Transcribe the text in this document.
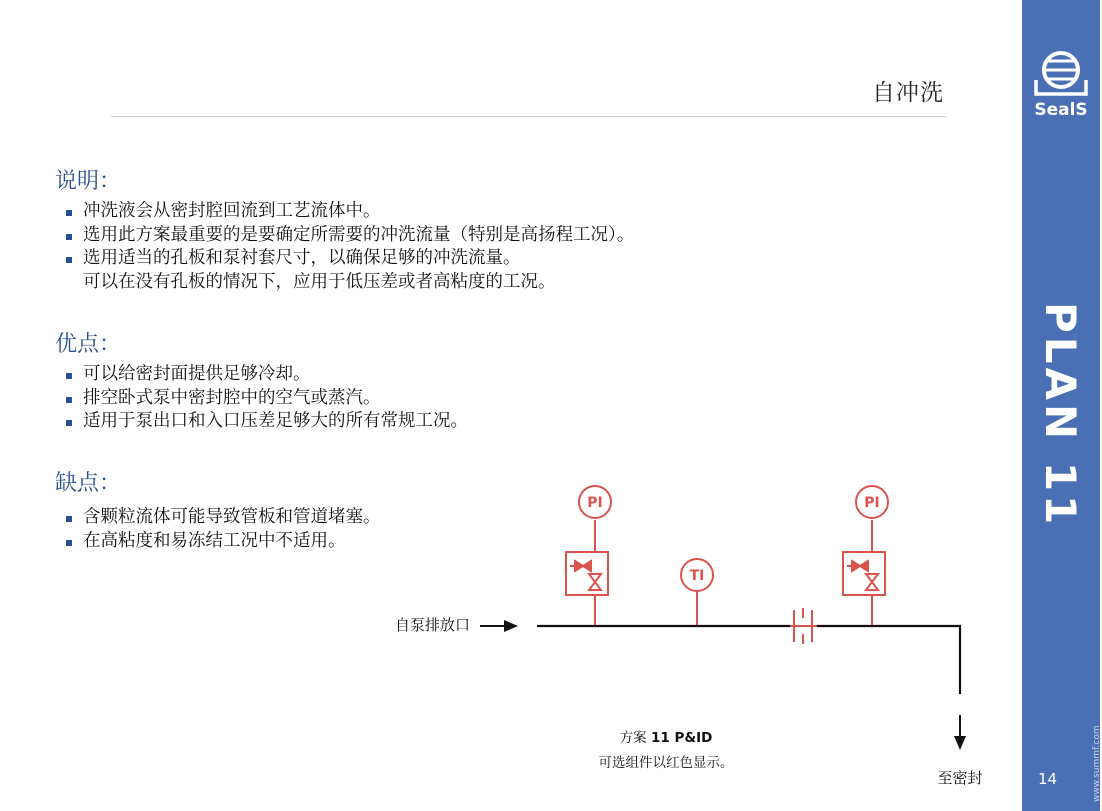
自冲洗
SealS
PLAN 11
14	www.summf.com
说明：
冲洗液会从密封腔回流到工艺流体中。
选用此方案最重要的是要确定所需要的冲洗流量（特别是高扬程工况）。
选用适当的孔板和泵衬套尺寸，以确保足够的冲洗流量。
可以在没有孔板的情况下，应用于低压差或者高粘度的工况。
优点：
可以给密封面提供足够冷却。
排空卧式泵中密封腔中的空气或蒸汽。
适用于泵出口和入口压差足够大的所有常规工况。
缺点：
含颗粒流体可能导致管板和管道堵塞。
在高粘度和易冻结工况中不适用。
自泵排放口
至密封
PI
TI
PI
方案 11 P&ID
可选组件以红色显示。
